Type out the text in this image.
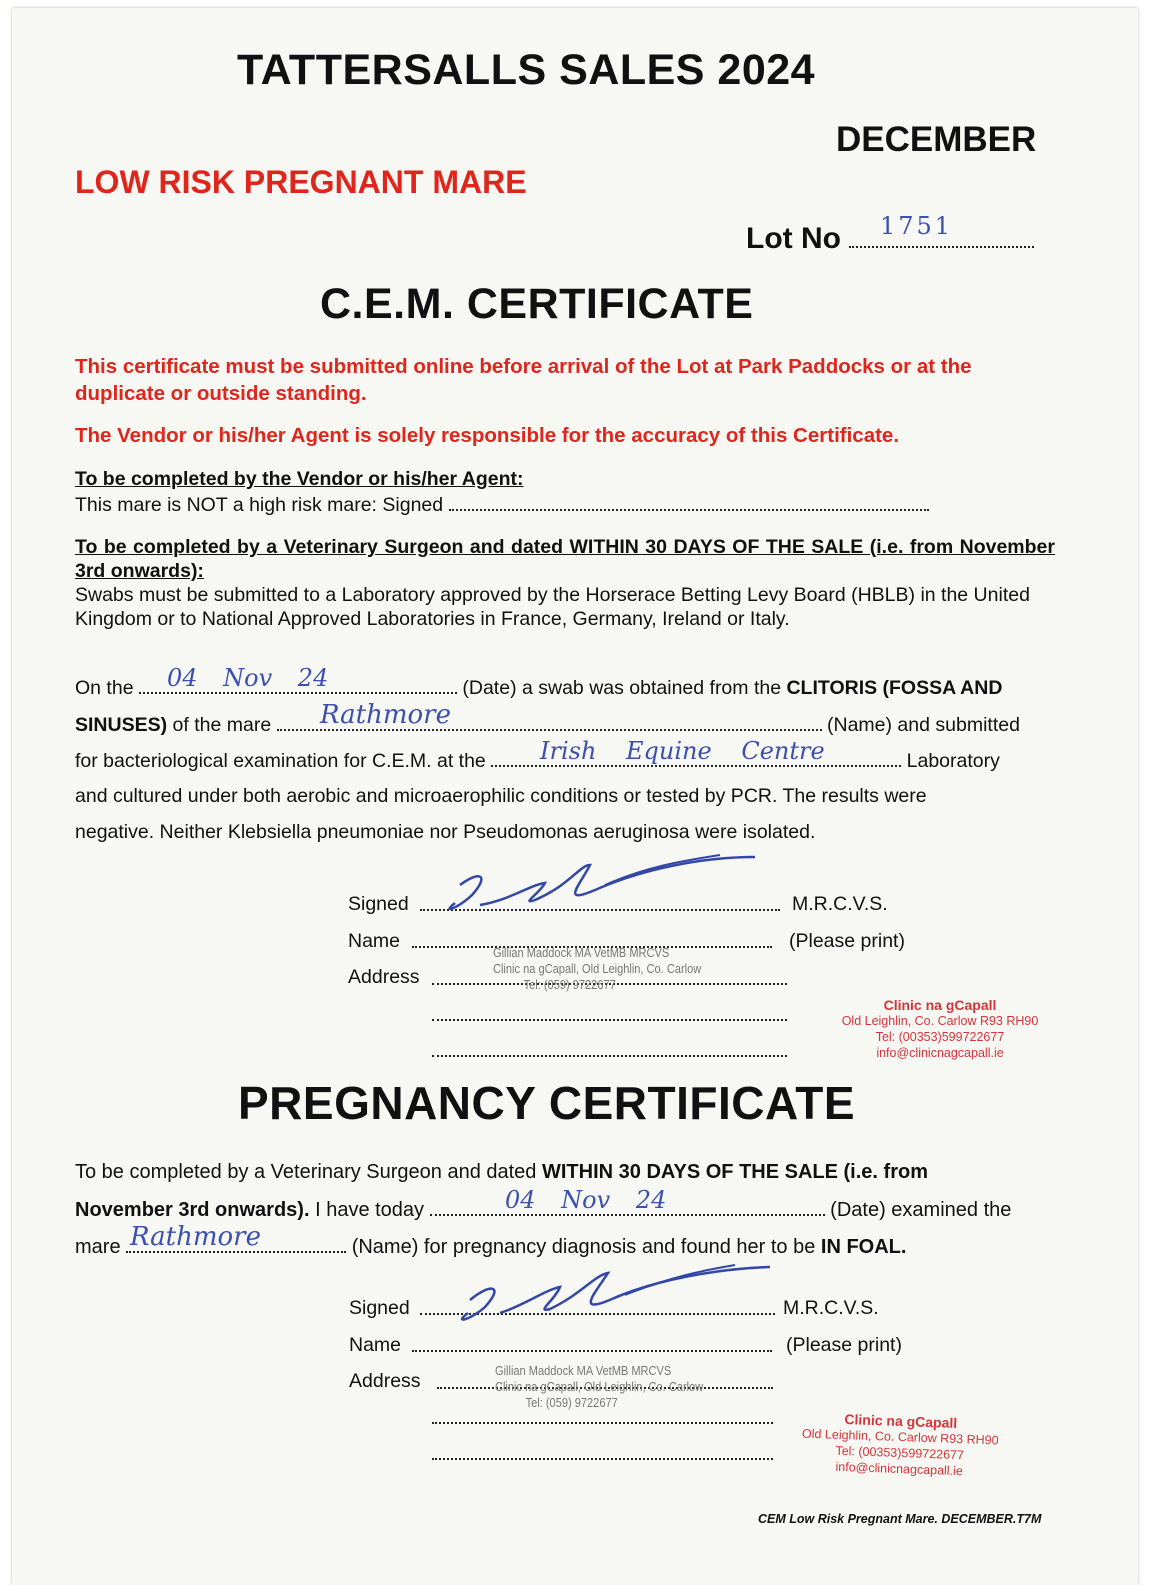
TATTERSALLS SALES 2024
DECEMBER
LOW RISK PREGNANT MARE
Lot No	1751
C.E.M. CERTIFICATE
This certificate must be submitted online before arrival of the Lot at Park Paddocks or at the duplicate or outside standing.
The Vendor or his/her Agent is solely responsible for the accuracy of this Certificate.
To be completed by the Vendor or his/her Agent:
This mare is NOT a high risk mare: Signed
To be completed by a Veterinary Surgeon and dated WITHIN 30 DAYS OF THE SALE (i.e. from November 3rd onwards):
Swabs must be submitted to a Laboratory approved by the Horserace Betting Levy Board (HBLB) in the United Kingdom or to National Approved Laboratories in France, Germany, Ireland or Italy.
On the	(Date) a swab was obtained from the CLITORIS (FOSSA AND
04 Nov 24
SINUSES) of the mare	(Name) and submitted
Rathmore
for bacteriological examination for C.E.M. at the	Laboratory
Irish Equine Centre
and cultured under both aerobic and microaerophilic conditions or tested by PCR. The results were
negative. Neither Klebsiella pneumoniae nor Pseudomonas aeruginosa were isolated.
Signed	M.R.C.V.S.
Name	(Please print)
Address
Gillian Maddock MA VetMB MRCVS
Clinic na gCapall, Old Leighlin, Co. Carlow
Tel: (059) 9722677
Clinic na gCapall
Old Leighlin, Co. Carlow R93 RH90
Tel: (00353)599722677
info@clinicnagcapall.ie
PREGNANCY CERTIFICATE
To be completed by a Veterinary Surgeon and dated WITHIN 30 DAYS OF THE SALE (i.e. from
November 3rd onwards). I have today	(Date) examined the
04 Nov 24
mare	(Name) for pregnancy diagnosis and found her to be IN FOAL.
Rathmore
Signed	M.R.C.V.S.
Name	(Please print)
Address	Gillian Maddock MA VetMB MRCVS
Clinic na gCapall, Old Leighlin, Co. Carlow
Tel: (059) 9722677
Clinic na gCapall
Old Leighlin, Co. Carlow R93 RH90
Tel: (00353)599722677
info@clinicnagcapall.ie
CEM Low Risk Pregnant Mare. DECEMBER.T7M
